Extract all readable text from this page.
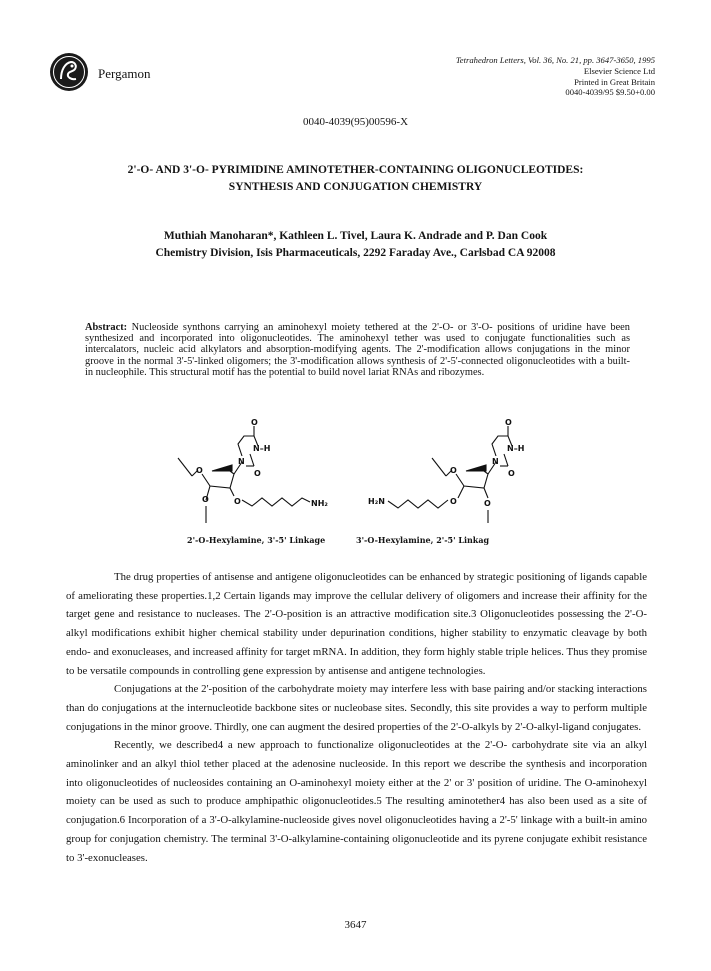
Pergamon
Tetrahedron Letters, Vol. 36, No. 21, pp. 3647-3650, 1995
Elsevier Science Ltd
Printed in Great Britain
0040-4039/95 $9.50+0.00
0040-4039(95)00596-X
2'-O- AND 3'-O- PYRIMIDINE AMINOTETHER-CONTAINING OLIGONUCLEOTIDES:
SYNTHESIS AND CONJUGATION CHEMISTRY
Muthiah Manoharan*, Kathleen L. Tivel, Laura K. Andrade and P. Dan Cook
Chemistry Division, Isis Pharmaceuticals, 2292 Faraday Ave., Carlsbad CA 92008
Abstract: Nucleoside synthons carrying an aminohexyl moiety tethered at the 2'-O- or 3'-O- positions of uridine have been synthesized and incorporated into oligonucleotides. The aminohexyl tether was used to conjugate functionalities such as intercalators, nucleic acid alkylators and absorption-modifying agents. The 2'-modification allows conjugations in the minor groove in the normal 3'-5'-linked oligomers; the 3'-modification allows synthesis of 2'-5'-connected oligonucleotides with a built-in nucleophile. This structural motif has the potential to build novel lariat RNAs and ribozymes.
O
N
O
N–H
O
O	O	NH₂
O
N
O
N–H
O
O	O
H₂N
2'-O-Hexylamine, 3'-5' Linkage	3'-O-Hexylamine, 2'-5' Linkag

The drug properties of antisense and antigene oligonucleotides can be enhanced by strategic positioning of ligands capable of ameliorating these properties.1,2 Certain ligands may improve the cellular delivery of oligomers and increase their affinity for the target gene and resistance to nucleases. The 2'-O-position is an attractive modification site.3 Oligonucleotides possessing the 2'-O-alkyl modifications exhibit higher chemical stability under depurination conditions, higher stability to enzymatic cleavage by both endo- and exonucleases, and increased affinity for target mRNA. In addition, they form highly stable triple helices. Thus they promise to be versatile compounds in controlling gene expression by antisense and antigene technologies.

Conjugations at the 2'-position of the carbohydrate moiety may interfere less with base pairing and/or stacking interactions than do conjugations at the internucleotide backbone sites or nucleobase sites. Secondly, this site provides a way to perform multiple conjugations in the minor groove. Thirdly, one can augment the desired properties of the 2'-O-alkyls by 2'-O-alkyl-ligand conjugates.

Recently, we described4 a new approach to functionalize oligonucleotides at the 2'-O- carbohydrate site via an alkyl aminolinker and an alkyl thiol tether placed at the adenosine nucleoside. In this report we describe the synthesis and incorporation into oligonucleotides of nucleosides containing an O-aminohexyl moiety either at the 2' or 3' position of uridine. The O-aminohexyl moiety can be used as such to produce amphipathic oligonucleotides.5 The resulting aminotether4 has also been used as a site of conjugation.6 Incorporation of a 3'-O-alkylamine-nucleoside gives novel oligonucleotides having a 2'-5' linkage with a built-in amino group for conjugation chemistry. The terminal 3'-O-alkylamine-containing oligonucleotide and its pyrene conjugate exhibit resistance to 3'-exonucleases.

3647
